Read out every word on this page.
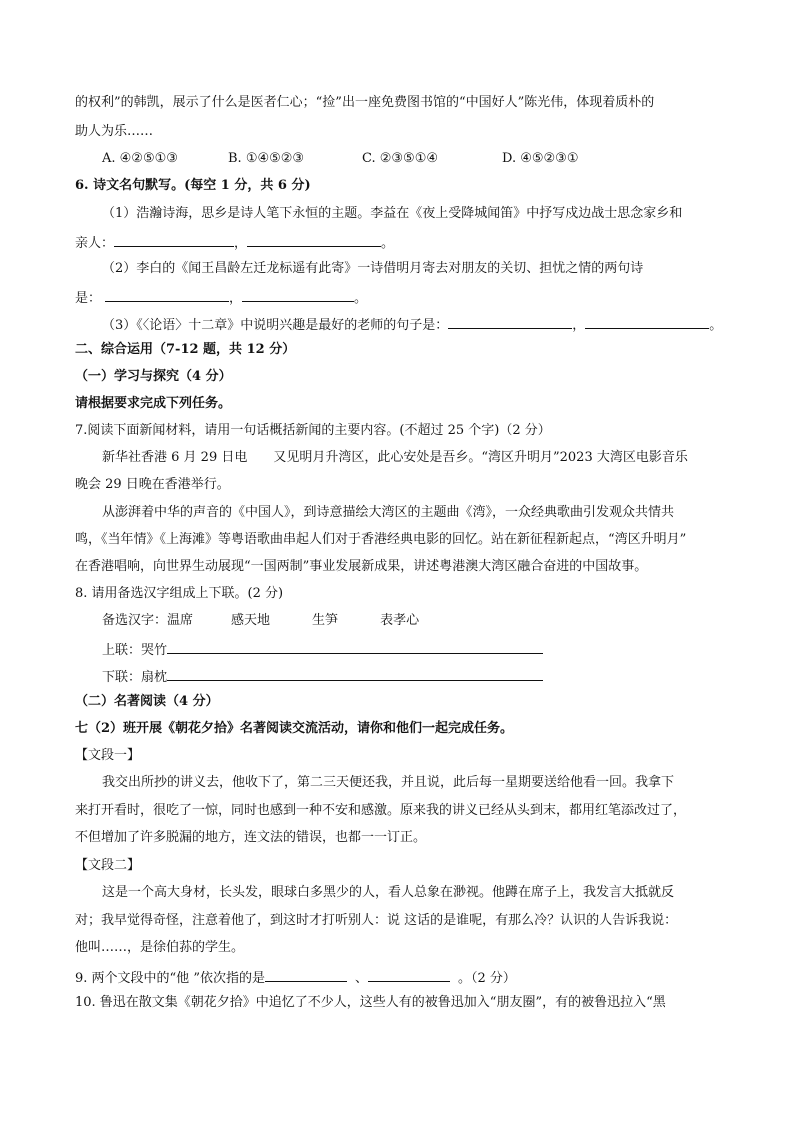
的权利”的韩凯，展示了什么是医者仁心；“捡”出一座免费图书馆的“中国好人”陈光伟，体现着质朴的
助人为乐……
A. ④②⑤①③	B. ①④⑤②③	C. ②③⑤①④	D. ④⑤②③①
6. 诗文名句默写。(每空 1 分，共 6 分)
（1）浩瀚诗海，思乡是诗人笔下永恒的主题。李益在《夜上受降城闻笛》中抒写戍边战士思念家乡和
亲人：	，	。
（2）李白的《闻王昌龄左迁龙标遥有此寄》一诗借明月寄去对朋友的关切、担忧之情的两句诗
是：	，	。
（3）《〈论语〉十二章》中说明兴趣是最好的老师的句子是：	，	。
二、综合运用（7-12 题，共 12 分）
（一）学习与探究（4 分）
请根据要求完成下列任务。
7.阅读下面新闻材料，请用一句话概括新闻的主要内容。(不超过 25 个字)（2 分）
新华社香港 6 月 29 日电 又见明月升湾区，此心安处是吾乡。“湾区升明月”2023 大湾区电影音乐
晚会 29 日晚在香港举行。
从澎湃着中华的声音的《中国人》，到诗意描绘大湾区的主题曲《湾》，一众经典歌曲引发观众共情共
鸣，《当年情》《上海滩》等粤语歌曲串起人们对于香港经典电影的回忆。站在新征程新起点，“湾区升明月”
在香港唱响，向世界生动展现“一国两制”事业发展新成果，讲述粤港澳大湾区融合奋进的中国故事。
8. 请用备选汉字组成上下联。(2 分)
备选汉字：温席	感天地	生笋	表孝心
上联：哭竹
下联：扇枕
（二）名著阅读（4 分）
七（2）班开展《朝花夕拾》名著阅读交流活动，请你和他们一起完成任务。
【文段一】
我交出所抄的讲义去，他收下了，第二三天便还我，并且说，此后每一星期要送给他看一回。我拿下
来打开看时，很吃了一惊，同时也感到一种不安和感激。原来我的讲义已经从头到末，都用红笔添改过了，
不但增加了许多脱漏的地方，连文法的错误，也都一一订正。
【文段二】
这是一个高大身材，长头发，眼球白多黑少的人，看人总象在渺视。他蹲在席子上，我发言大抵就反
对；我早觉得奇怪，注意着他了，到这时才打听别人：说 这话的是谁呢，有那么冷？认识的人告诉我说：
他叫……，是徐伯荪的学生。
9. 两个文段中的“他 ”依次指的是	、	。（2 分）
10. 鲁迅在散文集《朝花夕拾》中追忆了不少人，这些人有的被鲁迅加入“朋友圈”，有的被鲁迅拉入“黑
